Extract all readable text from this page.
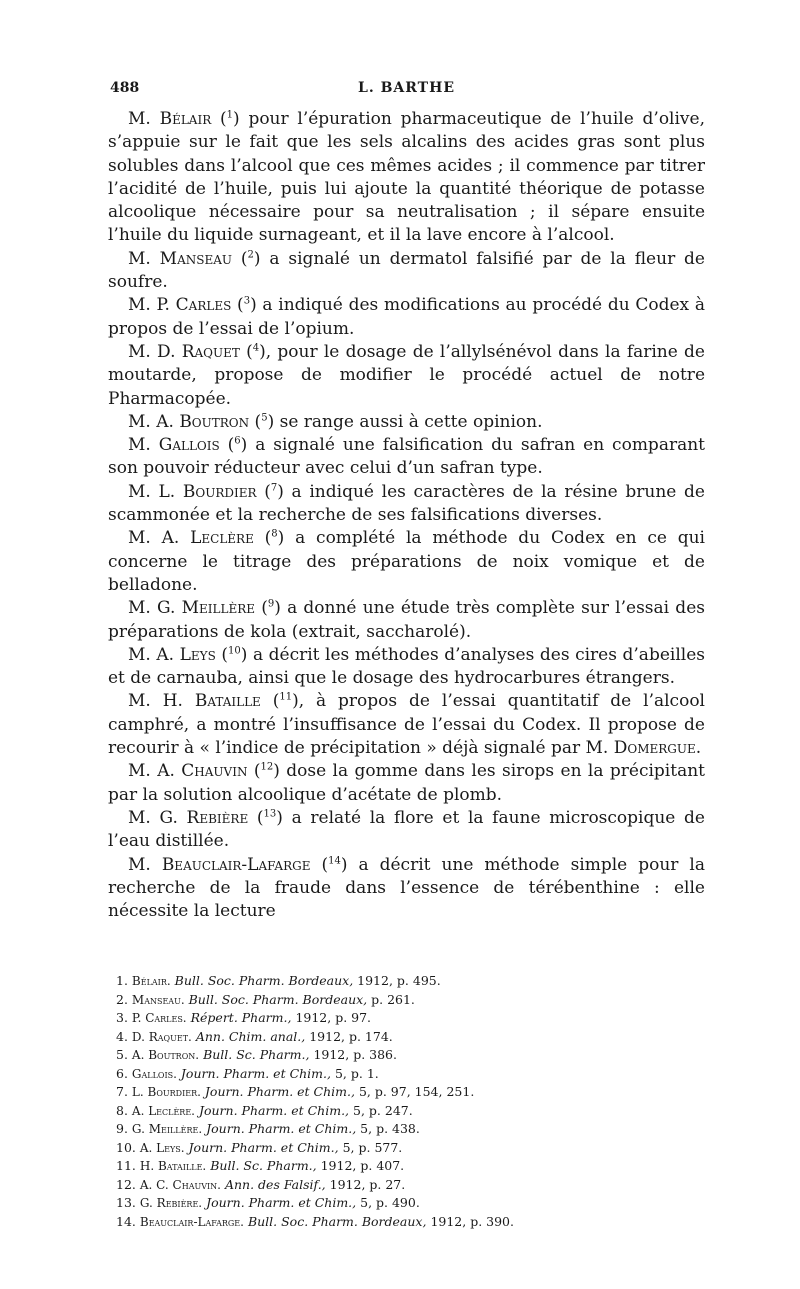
488	L. BARTHE

M. Bélair ($^1$) pour l’épuration pharmaceutique de l’huile d’olive, s’appuie sur le fait que les sels alcalins des acides gras sont plus solubles dans l’alcool que ces mêmes acides ; il commence par titrer l’acidité de l’huile, puis lui ajoute la quantité théorique de potasse alcoolique nécessaire pour sa neutralisation ; il sépare ensuite l’huile du liquide surnageant, et il la lave encore à l’alcool.

M. Manseau ($^2$) a signalé un dermatol falsifié par de la fleur de soufre.

M. P. Carles ($^3$) a indiqué des modifications au procédé du Codex à propos de l’essai de l’opium.

M. D. Raquet ($^4$), pour le dosage de l’allylsénévol dans la farine de moutarde, propose de modifier le procédé actuel de notre Pharmacopée.

M. A. Boutron ($^5$) se range aussi à cette opinion.

M. Gallois ($^6$) a signalé une falsification du safran en comparant son pouvoir réducteur avec celui d’un safran type.

M. L. Bourdier ($^7$) a indiqué les caractères de la résine brune de scammonée et la recherche de ses falsifications diverses.

M. A. Leclère ($^8$) a complété la méthode du Codex en ce qui concerne le titrage des préparations de noix vomique et de belladone.

M. G. Meillère ($^9$) a donné une étude très complète sur l’essai des préparations de kola (extrait, saccharolé).

M. A. Leys ($^{10}$) a décrit les méthodes d’analyses des cires d’abeilles et de carnauba, ainsi que le dosage des hydrocarbures étrangers.

M. H. Bataille ($^{11}$), à propos de l’essai quantitatif de l’alcool camphré, a montré l’insuffisance de l’essai du Codex. Il propose de recourir à « l’indice de précipitation » déjà signalé par M. Domergue.

M. A. Chauvin ($^{12}$) dose la gomme dans les sirops en la précipitant par la solution alcoolique d’acétate de plomb.

M. G. Rebière ($^{13}$) a relaté la flore et la faune microscopique de l’eau distillée.

M. Beauclair-Lafarge ($^{14}$) a décrit une méthode simple pour la recherche de la fraude dans l’essence de térébenthine : elle nécessite la lecture

1. Bélair. Bull. Soc. Pharm. Bordeaux, 1912, p. 495.
2. Manseau. Bull. Soc. Pharm. Bordeaux, p. 261.
3. P. Carles. Répert. Pharm., 1912, p. 97.
4. D. Raquet. Ann. Chim. anal., 1912, p. 174.
5. A. Boutron. Bull. Sc. Pharm., 1912, p. 386.
6. Gallois. Journ. Pharm. et Chim., 5, p. 1.
7. L. Bourdier. Journ. Pharm. et Chim., 5, p. 97, 154, 251.
8. A. Leclère. Journ. Pharm. et Chim., 5, p. 247.
9. G. Meillère. Journ. Pharm. et Chim., 5, p. 438.
10. A. Leys. Journ. Pharm. et Chim., 5, p. 577.
11. H. Bataille. Bull. Sc. Pharm., 1912, p. 407.
12. A. C. Chauvin. Ann. des Falsif., 1912, p. 27.
13. G. Rebière. Journ. Pharm. et Chim., 5, p. 490.
14. Beauclair-Lafarge. Bull. Soc. Pharm. Bordeaux, 1912, p. 390.
